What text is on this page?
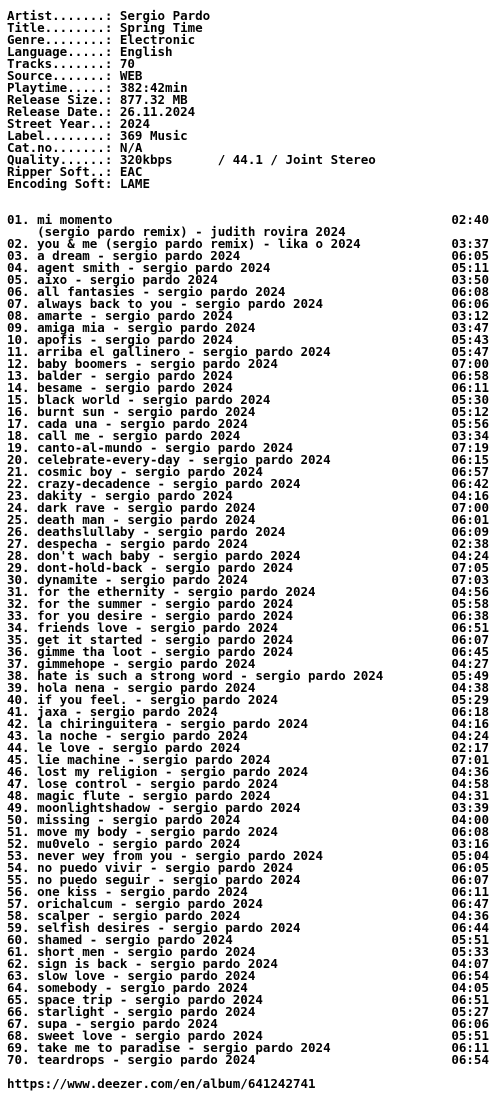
Artist.......: Sergio Pardo
Title........: Spring Time
Genre........: Electronic
Language.....: English
Tracks.......: 70
Source.......: WEB
Playtime.....: 382:42min
Release Size.: 877.32 MB
Release Date.: 26.11.2024
Street Year..: 2024
Label........: 369 Music
Cat.no.......: N/A
Quality......: 320kbps      / 44.1 / Joint Stereo
Ripper Soft..: EAC
Encoding Soft: LAME
01. mi momento	02:40
(sergio pardo remix) - judith rovira 2024
02. you & me (sergio pardo remix) - lika o 2024	03:37
03. a dream - sergio pardo 2024	06:05
04. agent smith - sergio pardo 2024	05:11
05. aixo - sergio pardo 2024	03:50
06. all fantasies - sergio pardo 2024	06:08
07. always back to you - sergio pardo 2024	06:06
08. amarte - sergio pardo 2024	03:12
09. amiga mia - sergio pardo 2024	03:47
10. apofis - sergio pardo 2024	05:43
11. arriba el gallinero - sergio pardo 2024	05:47
12. baby boomers - sergio pardo 2024	07:00
13. balder - sergio pardo 2024	06:58
14. besame - sergio pardo 2024	06:11
15. black world - sergio pardo 2024	05:30
16. burnt sun - sergio pardo 2024	05:12
17. cada una - sergio pardo 2024	05:56
18. call me - sergio pardo 2024	03:34
19. canto-al-mundo - sergio pardo 2024	07:19
20. celebrate-every-day - sergio pardo 2024	06:15
21. cosmic boy - sergio pardo 2024	06:57
22. crazy-decadence - sergio pardo 2024	06:42
23. dakity - sergio pardo 2024	04:16
24. dark rave - sergio pardo 2024	07:00
25. death man - sergio pardo 2024	06:01
26. deathslullaby - sergio pardo 2024	06:09
27. despecha - sergio pardo 2024	02:38
28. don't wach baby - sergio pardo 2024	04:24
29. dont-hold-back - sergio pardo 2024	07:05
30. dynamite - sergio pardo 2024	07:03
31. for the ethernity - sergio pardo 2024	04:56
32. for the summer - sergio pardo 2024	05:58
33. for you desire - sergio pardo 2024	06:38
34. friends love - sergio pardo 2024	06:51
35. get it started - sergio pardo 2024	06:07
36. gimme tha loot - sergio pardo 2024	06:45
37. gimmehope - sergio pardo 2024	04:27
38. hate is such a strong word - sergio pardo 2024	05:49
39. hola nena - sergio pardo 2024	04:38
40. if you feel. - sergio pardo 2024	05:29
41. jaxa - sergio pardo 2024	06:18
42. la chiringuitera - sergio pardo 2024	04:16
43. la noche - sergio pardo 2024	04:24
44. le love - sergio pardo 2024	02:17
45. lie machine - sergio pardo 2024	07:01
46. lost my religion - sergio pardo 2024	04:36
47. lose control - sergio pardo 2024	04:58
48. magic flute - sergio pardo 2024	04:31
49. moonlightshadow - sergio pardo 2024	03:39
50. missing - sergio pardo 2024	04:00
51. move my body - sergio pardo 2024	06:08
52. mu0velo - sergio pardo 2024	03:16
53. never wey from you - sergio pardo 2024	05:04
54. no puedo vivir - sergio pardo 2024	06:05
55. no puedo seguir - sergio pardo 2024	06:07
56. one kiss - sergio pardo 2024	06:11
57. orichalcum - sergio pardo 2024	06:47
58. scalper - sergio pardo 2024	04:36
59. selfish desires - sergio pardo 2024	06:44
60. shamed - sergio pardo 2024	05:51
61. short men - sergio pardo 2024	05:33
62. sign is back - sergio pardo 2024	04:07
63. slow love - sergio pardo 2024	06:54
64. somebody - sergio pardo 2024	04:05
65. space trip - sergio pardo 2024	06:51
66. starlight - sergio pardo 2024	05:27
67. supa - sergio pardo 2024	06:06
68. sweet love - sergio pardo 2024	05:51
69. take me to paradise - sergio pardo 2024	06:11
70. teardrops - sergio pardo 2024	06:54
https://www.deezer.com/en/album/641242741
